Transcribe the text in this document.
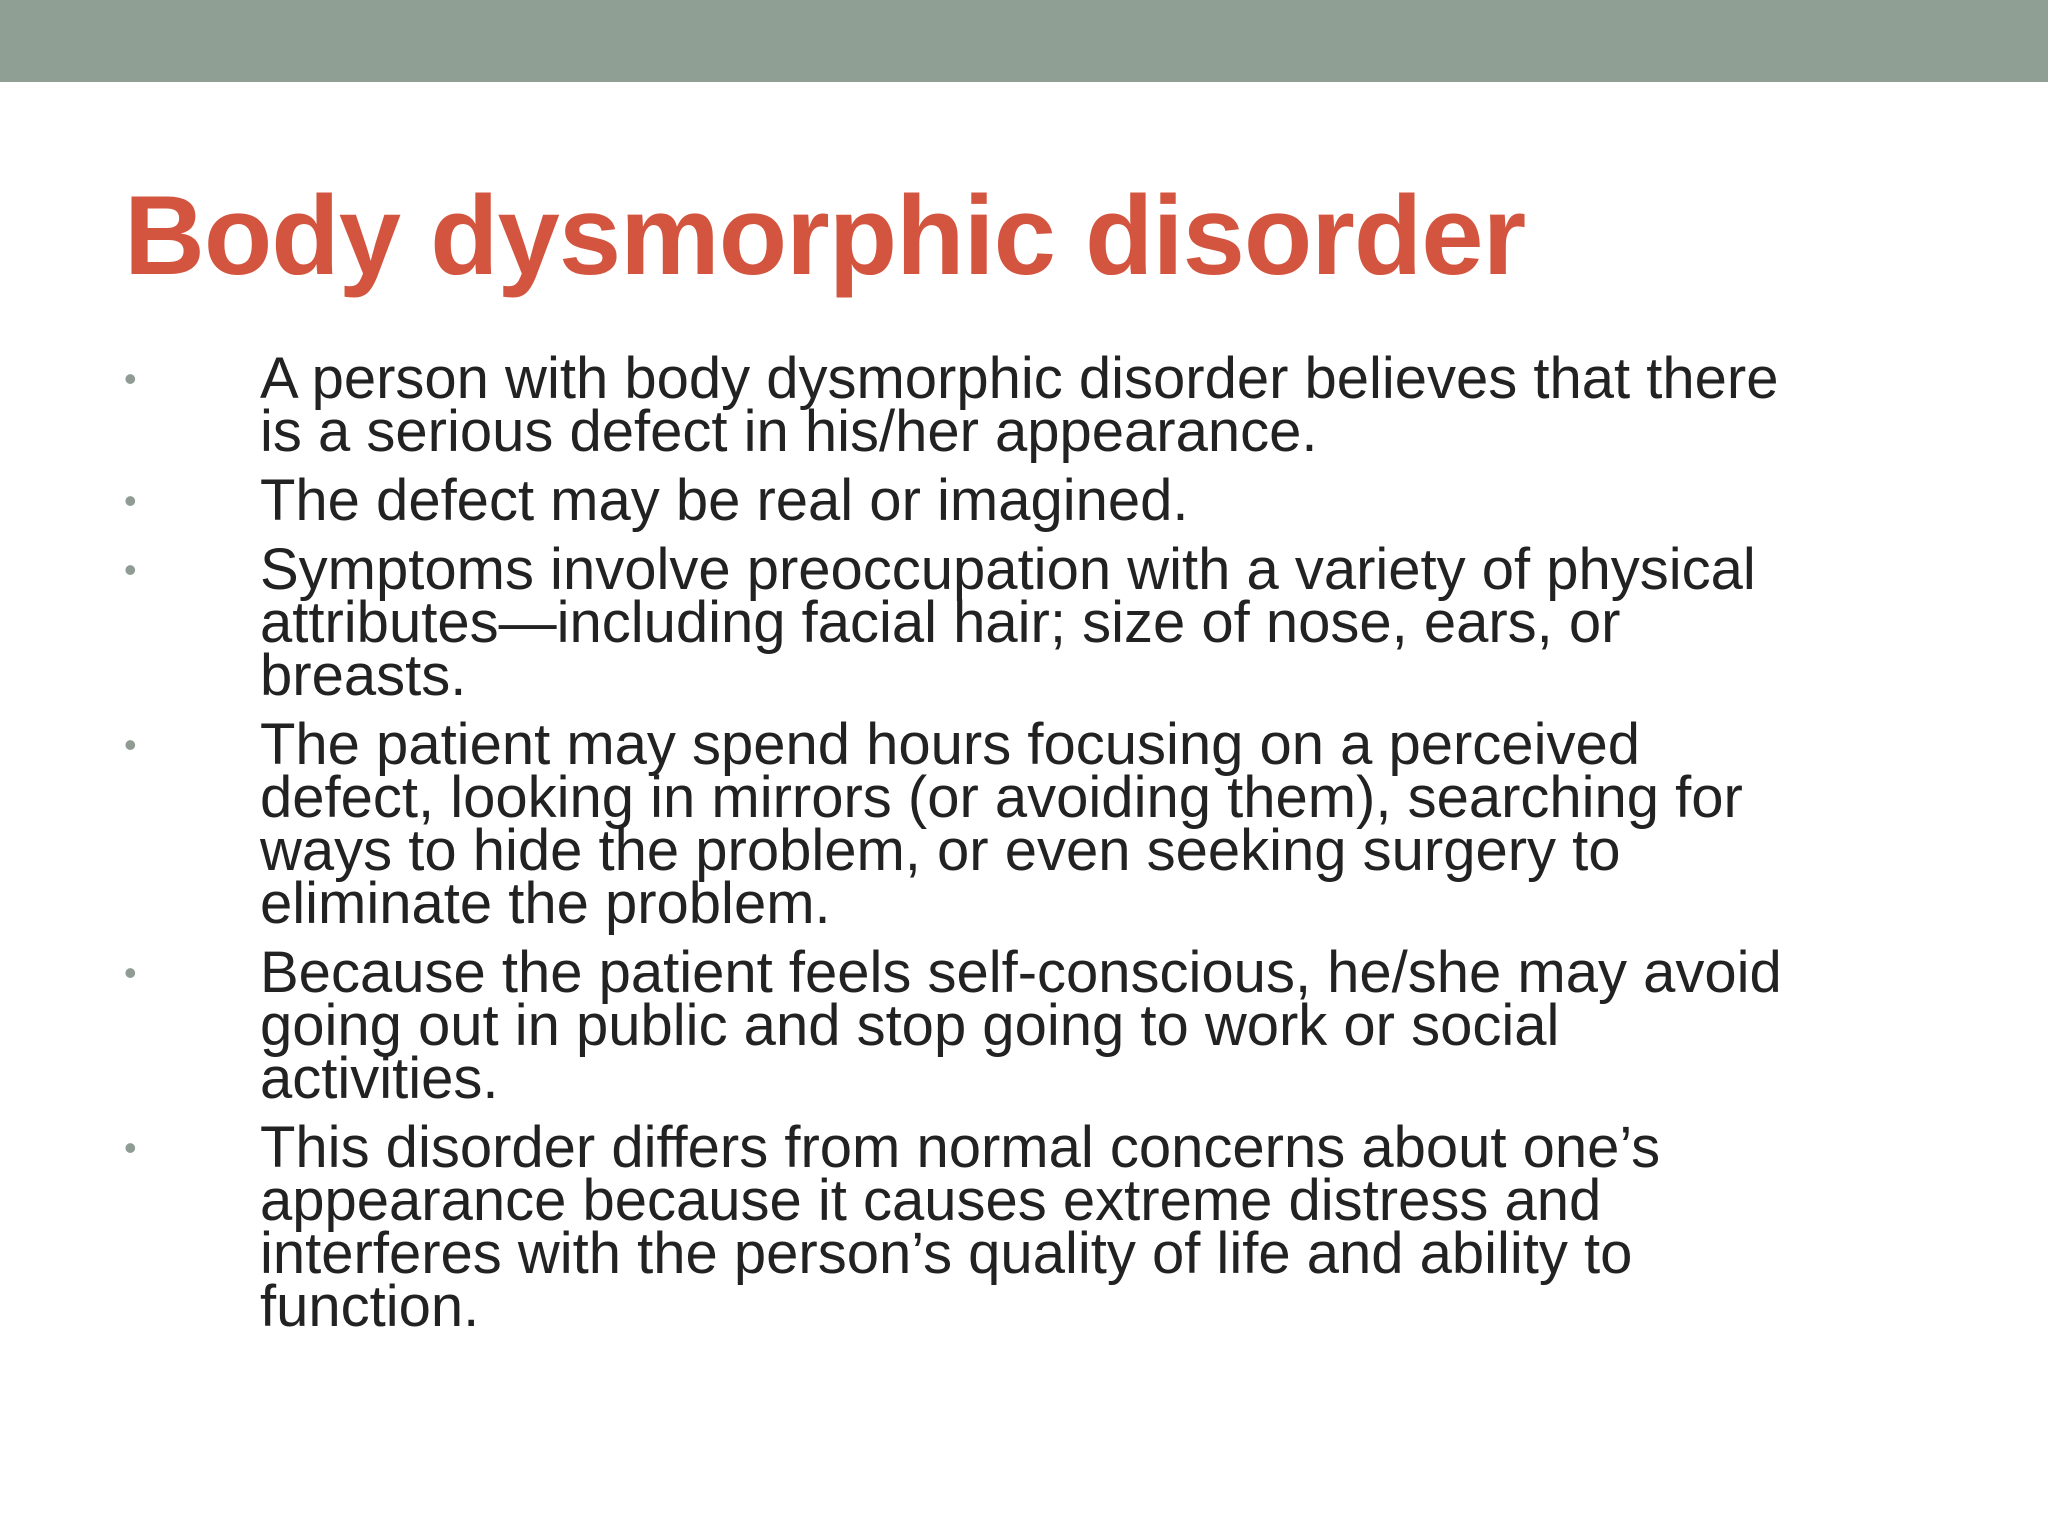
Body dysmorphic disorder
• A person with body dysmorphic disorder believes that there
is a serious defect in his/her appearance.
• The defect may be real or imagined.
• Symptoms involve preoccupation with a variety of physical
attributes—including facial hair; size of nose, ears, or
breasts.
• The patient may spend hours focusing on a perceived
defect, looking in mirrors (or avoiding them), searching for
ways to hide the problem, or even seeking surgery to
eliminate the problem.
• Because the patient feels self-conscious, he/she may avoid
going out in public and stop going to work or social
activities.
• This disorder differs from normal concerns about one’s
appearance because it causes extreme distress and
interferes with the person’s quality of life and ability to
function.
